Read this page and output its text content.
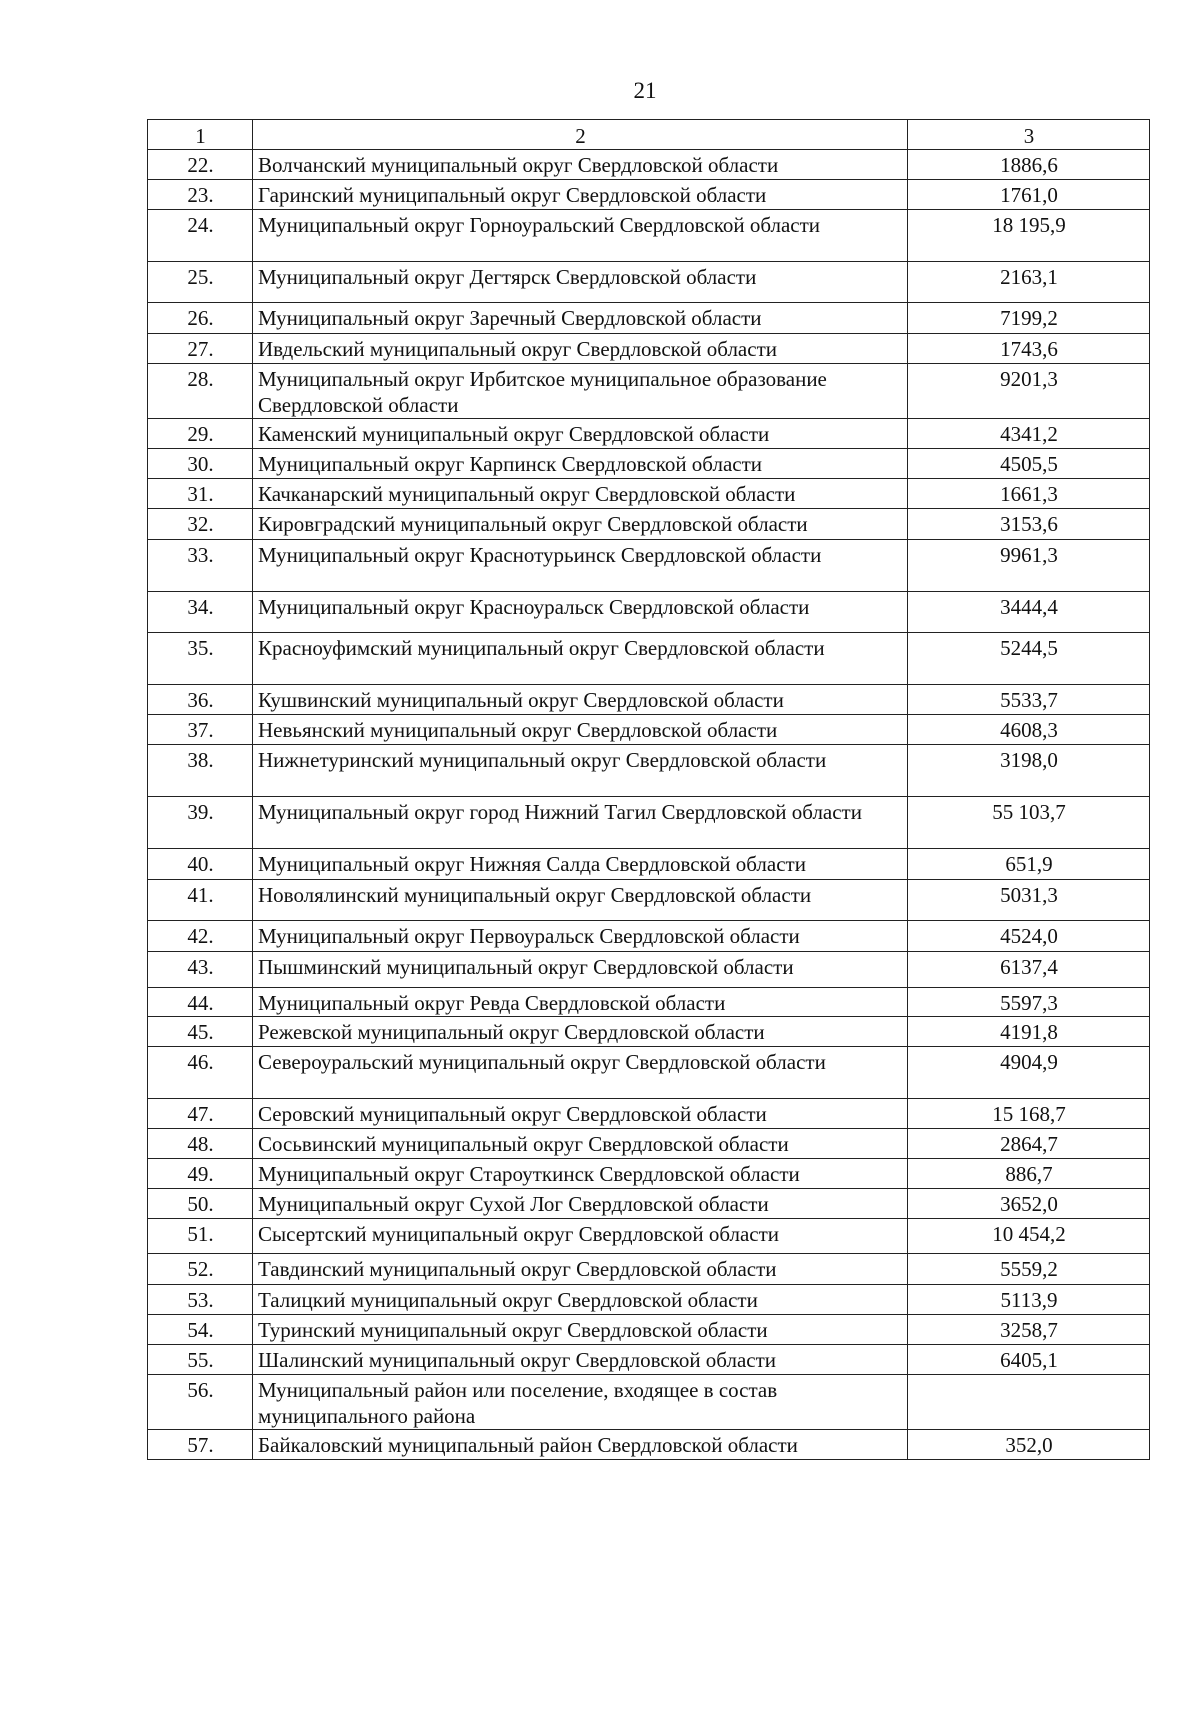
21
1	2	3
22.	Волчанский муниципальный округ Свердловской области	1886,6
23.	Гаринский муниципальный округ Свердловской области	1761,0
24.	Муниципальный округ Горноуральский Свердловской области	18 195,9
25.	Муниципальный округ Дегтярск Свердловской области	2163,1
26.	Муниципальный округ Заречный Свердловской области	7199,2
27.	Ивдельский муниципальный округ Свердловской области	1743,6
28.	Муниципальный округ Ирбитское муниципальное образование Свердловской области	9201,3
29.	Каменский муниципальный округ Свердловской области	4341,2
30.	Муниципальный округ Карпинск Свердловской области	4505,5
31.	Качканарский муниципальный округ Свердловской области	1661,3
32.	Кировградский муниципальный округ Свердловской области	3153,6
33.	Муниципальный округ Краснотурьинск Свердловской области	9961,3
34.	Муниципальный округ Красноуральск Свердловской области	3444,4
35.	Красноуфимский муниципальный округ Свердловской области	5244,5
36.	Кушвинский муниципальный округ Свердловской области	5533,7
37.	Невьянский муниципальный округ Свердловской области	4608,3
38.	Нижнетуринский муниципальный округ Свердловской области	3198,0
39.	Муниципальный округ город Нижний Тагил Свердловской области	55 103,7
40.	Муниципальный округ Нижняя Салда Свердловской области	651,9
41.	Новолялинский муниципальный округ Свердловской области	5031,3
42.	Муниципальный округ Первоуральск Свердловской области	4524,0
43.	Пышминский муниципальный округ Свердловской области	6137,4
44.	Муниципальный округ Ревда Свердловской области	5597,3
45.	Режевской муниципальный округ Свердловской области	4191,8
46.	Североуральский муниципальный округ Свердловской области	4904,9
47.	Серовский муниципальный округ Свердловской области	15 168,7
48.	Сосьвинский муниципальный округ Свердловской области	2864,7
49.	Муниципальный округ Староуткинск Свердловской области	886,7
50.	Муниципальный округ Сухой Лог Свердловской области	3652,0
51.	Сысертский муниципальный округ Свердловской области	10 454,2
52.	Тавдинский муниципальный округ Свердловской области	5559,2
53.	Талицкий муниципальный округ Свердловской области	5113,9
54.	Туринский муниципальный округ Свердловской области	3258,7
55.	Шалинский муниципальный округ Свердловской области	6405,1
56.	Муниципальный район или поселение, входящее в состав муниципального района	
57.	Байкаловский муниципальный район Свердловской области	352,0
